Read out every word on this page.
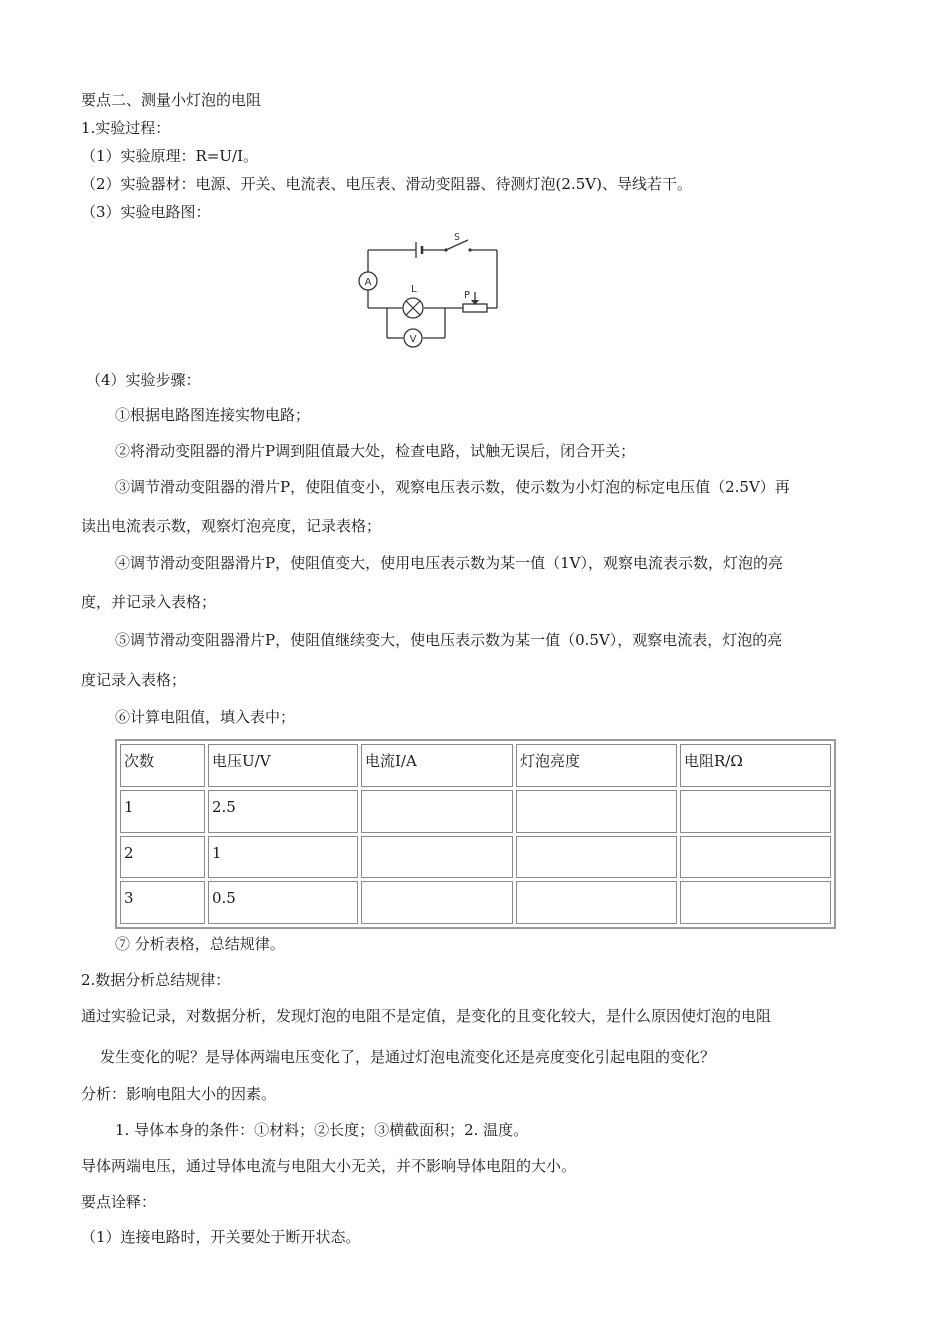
要点二、测量小灯泡的电阻
1.实验过程：
（1）实验原理：R=U/I。
（2）实验器材：电源、开关、电流表、电压表、滑动变阻器、待测灯泡(2.5V)、导线若干。
（3）实验电路图：
S
A
L
P
V
（4）实验步骤：
①根据电路图连接实物电路；
②将滑动变阻器的滑片P调到阻值最大处，检查电路，试触无误后，闭合开关；
③调节滑动变阻器的滑片P，使阻值变小，观察电压表示数，使示数为小灯泡的标定电压值（2.5V）再
读出电流表示数，观察灯泡亮度，记录表格；
④调节滑动变阻器滑片P，使阻值变大，使用电压表示数为某一值（1V），观察电流表示数，灯泡的亮
度，并记录入表格；
⑤调节滑动变阻器滑片P，使阻值继续变大，使电压表示数为某一值（0.5V），观察电流表，灯泡的亮
度记录入表格；
⑥计算电阻值，填入表中；
次数	电压U/V	电流I/A	灯泡亮度	电阻R/Ω
1	2.5			
2	1			
3	0.5			
⑦ 分析表格，总结规律。
2.数据分析总结规律：
通过实验记录，对数据分析，发现灯泡的电阻不是定值，是变化的且变化较大，是什么原因使灯泡的电阻
发生变化的呢？是导体两端电压变化了，是通过灯泡电流变化还是亮度变化引起电阻的变化？
分析：影响电阻大小的因素。
1. 导体本身的条件：①材料；②长度；③横截面积；2. 温度。
导体两端电压，通过导体电流与电阻大小无关，并不影响导体电阻的大小。
要点诠释：
（1）连接电路时，开关要处于断开状态。
